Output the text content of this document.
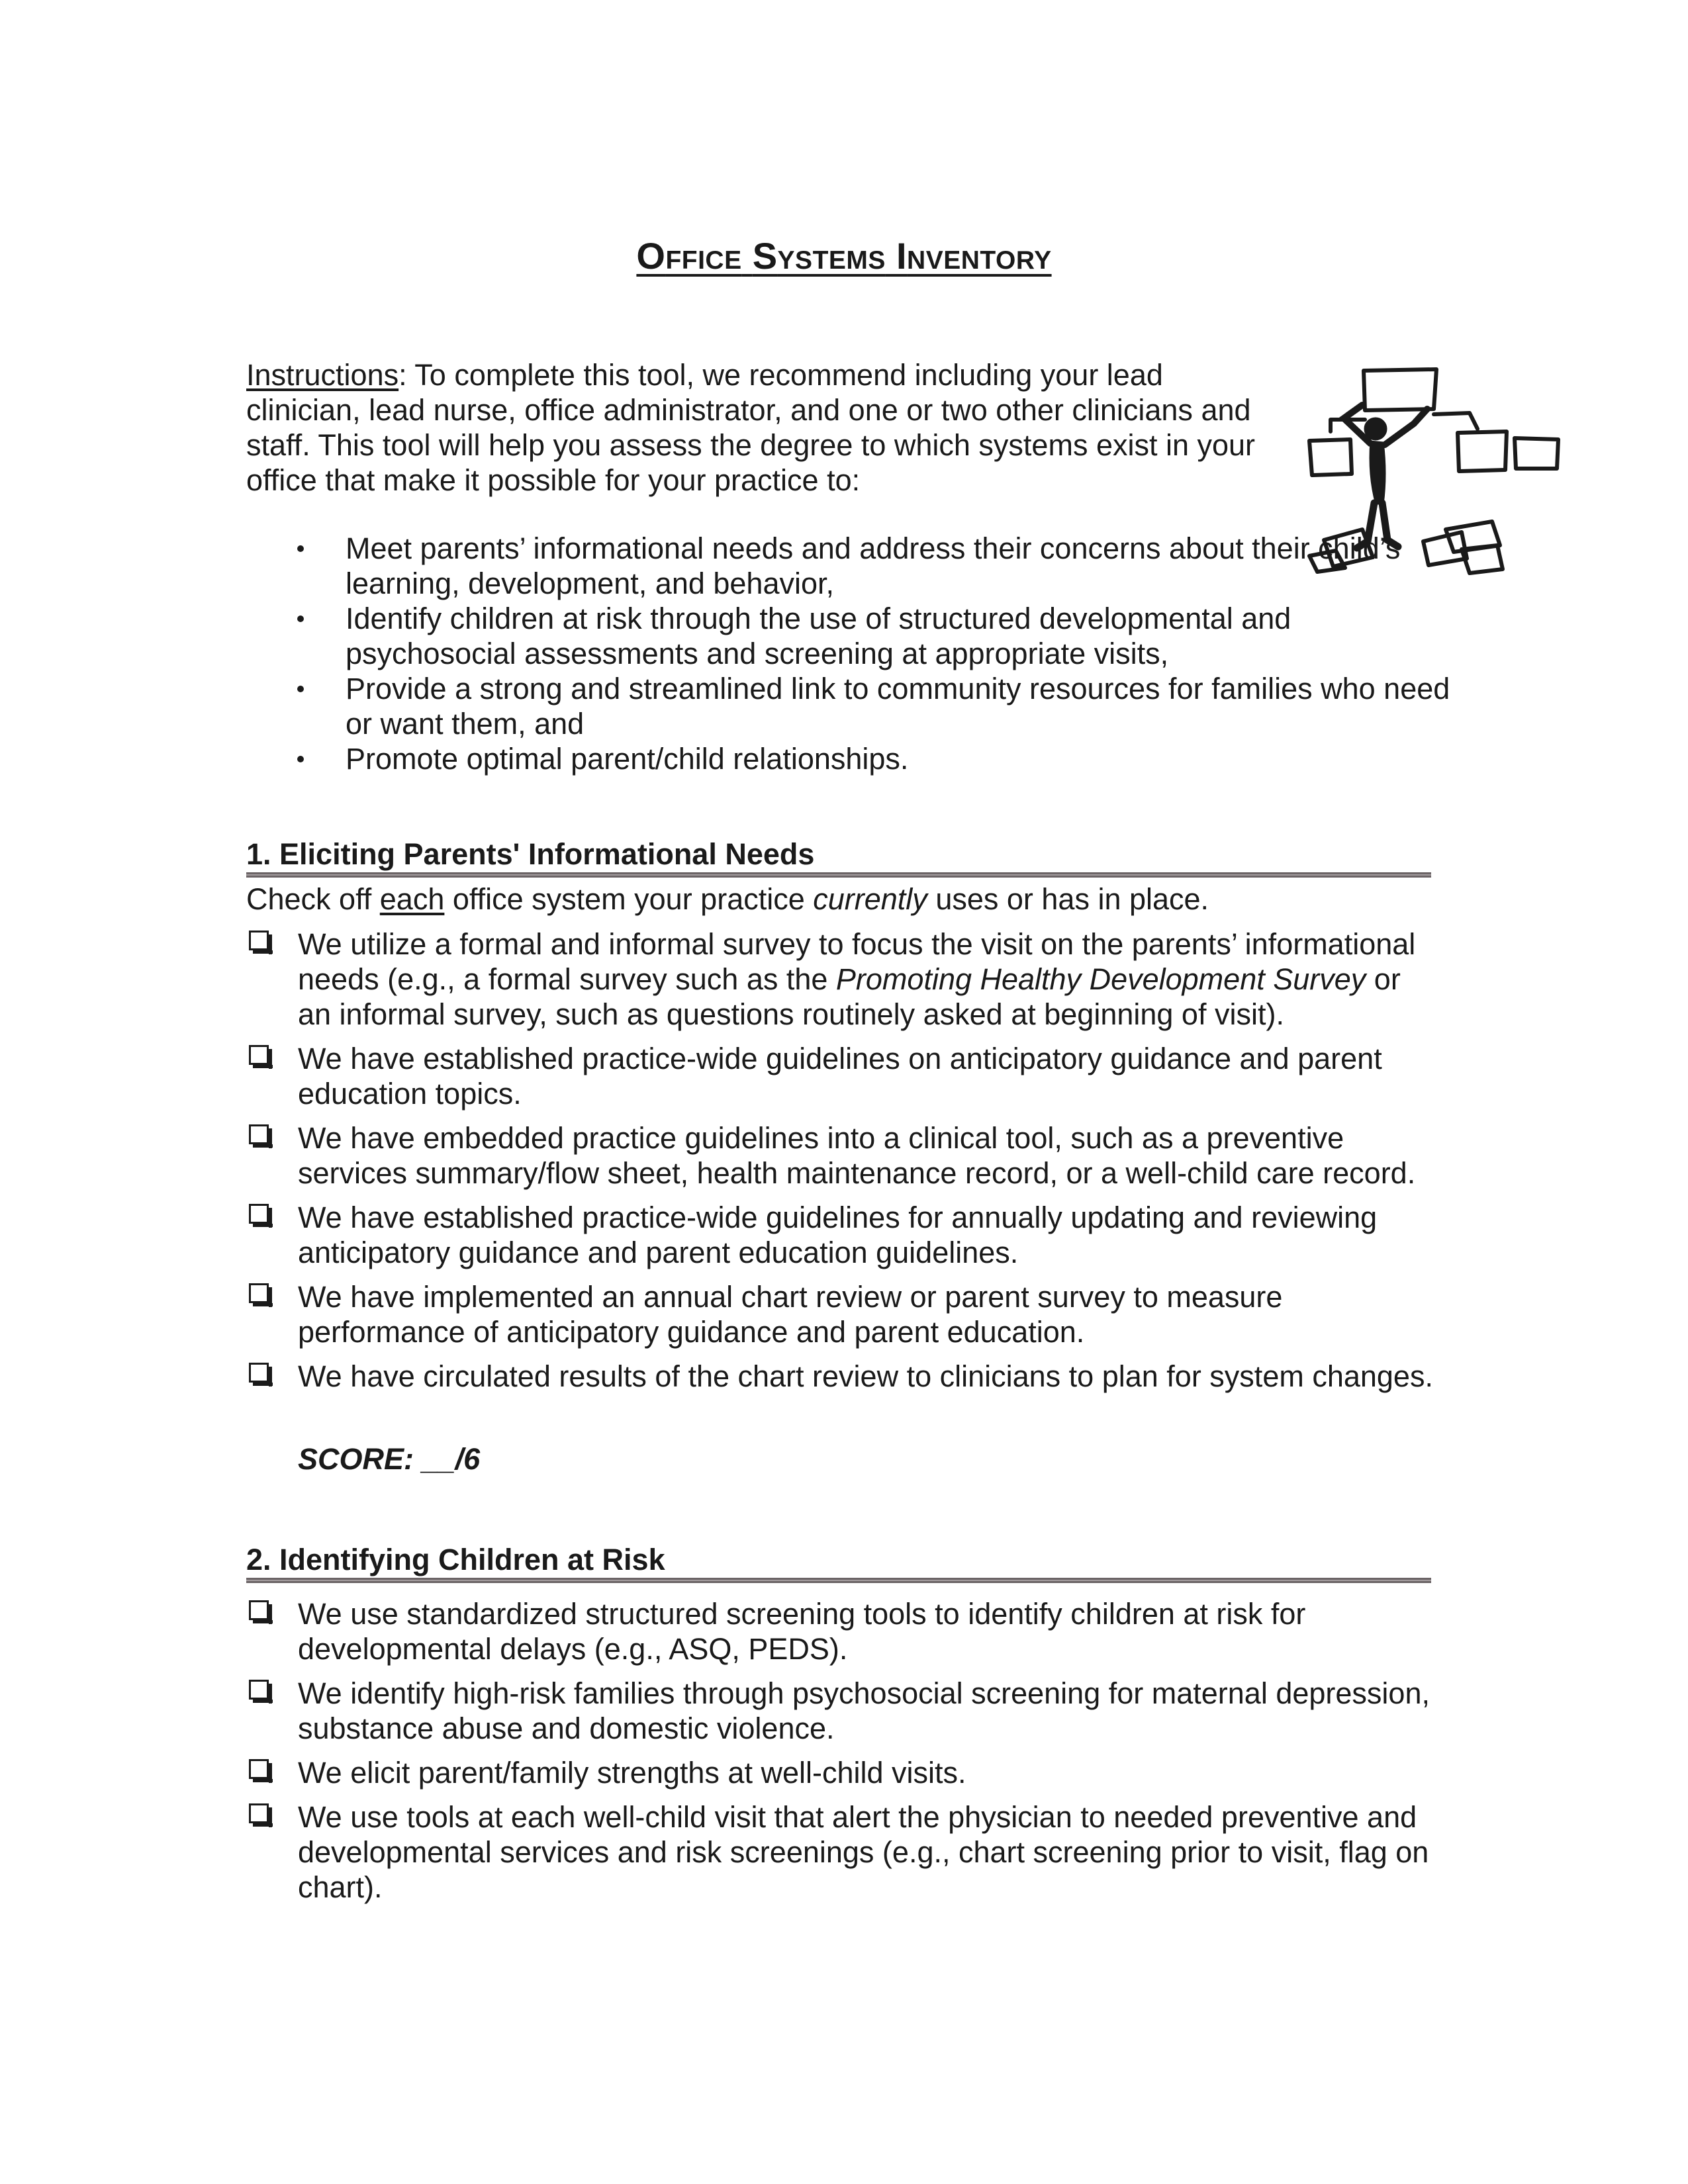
Office Systems Inventory

Instructions: To complete this tool, we recommend including your lead clinician, lead nurse, office administrator, and one or two other clinicians and staff. This tool will help you assess the degree to which systems exist in your office that make it possible for your practice to:

Meet parents’ informational needs and address their concerns about their child’s learning, development, and behavior,
Identify children at risk through the use of structured developmental and psychosocial assessments and screening at appropriate visits,
Provide a strong and streamlined link to community resources for families who need or want them, and
Promote optimal parent/child relationships.
1. Eliciting Parents' Informational Needs

Check off each office system your practice currently uses or has in place.

We utilize a formal and informal survey to focus the visit on the parents’ informational needs (e.g., a formal survey such as the Promoting Healthy Development Survey or an informal survey, such as questions routinely asked at beginning of visit).
We have established practice-wide guidelines on anticipatory guidance and parent education topics.
We have embedded practice guidelines into a clinical tool, such as a preventive services summary/flow sheet, health maintenance record, or a well-child care record.
We have established practice-wide guidelines for annually updating and reviewing anticipatory guidance and parent education guidelines.
We have implemented an annual chart review or parent survey to measure performance of anticipatory guidance and parent education.
We have circulated results of the chart review to clinicians to plan for system changes.
SCORE: __/6
2. Identifying Children at Risk
We use standardized structured screening tools to identify children at risk for developmental delays (e.g., ASQ, PEDS).
We identify high-risk families through psychosocial screening for maternal depression, substance abuse and domestic violence.
We elicit parent/family strengths at well-child visits.
We use tools at each well-child visit that alert the physician to needed preventive and developmental services and risk screenings (e.g., chart screening prior to visit, flag on chart).
